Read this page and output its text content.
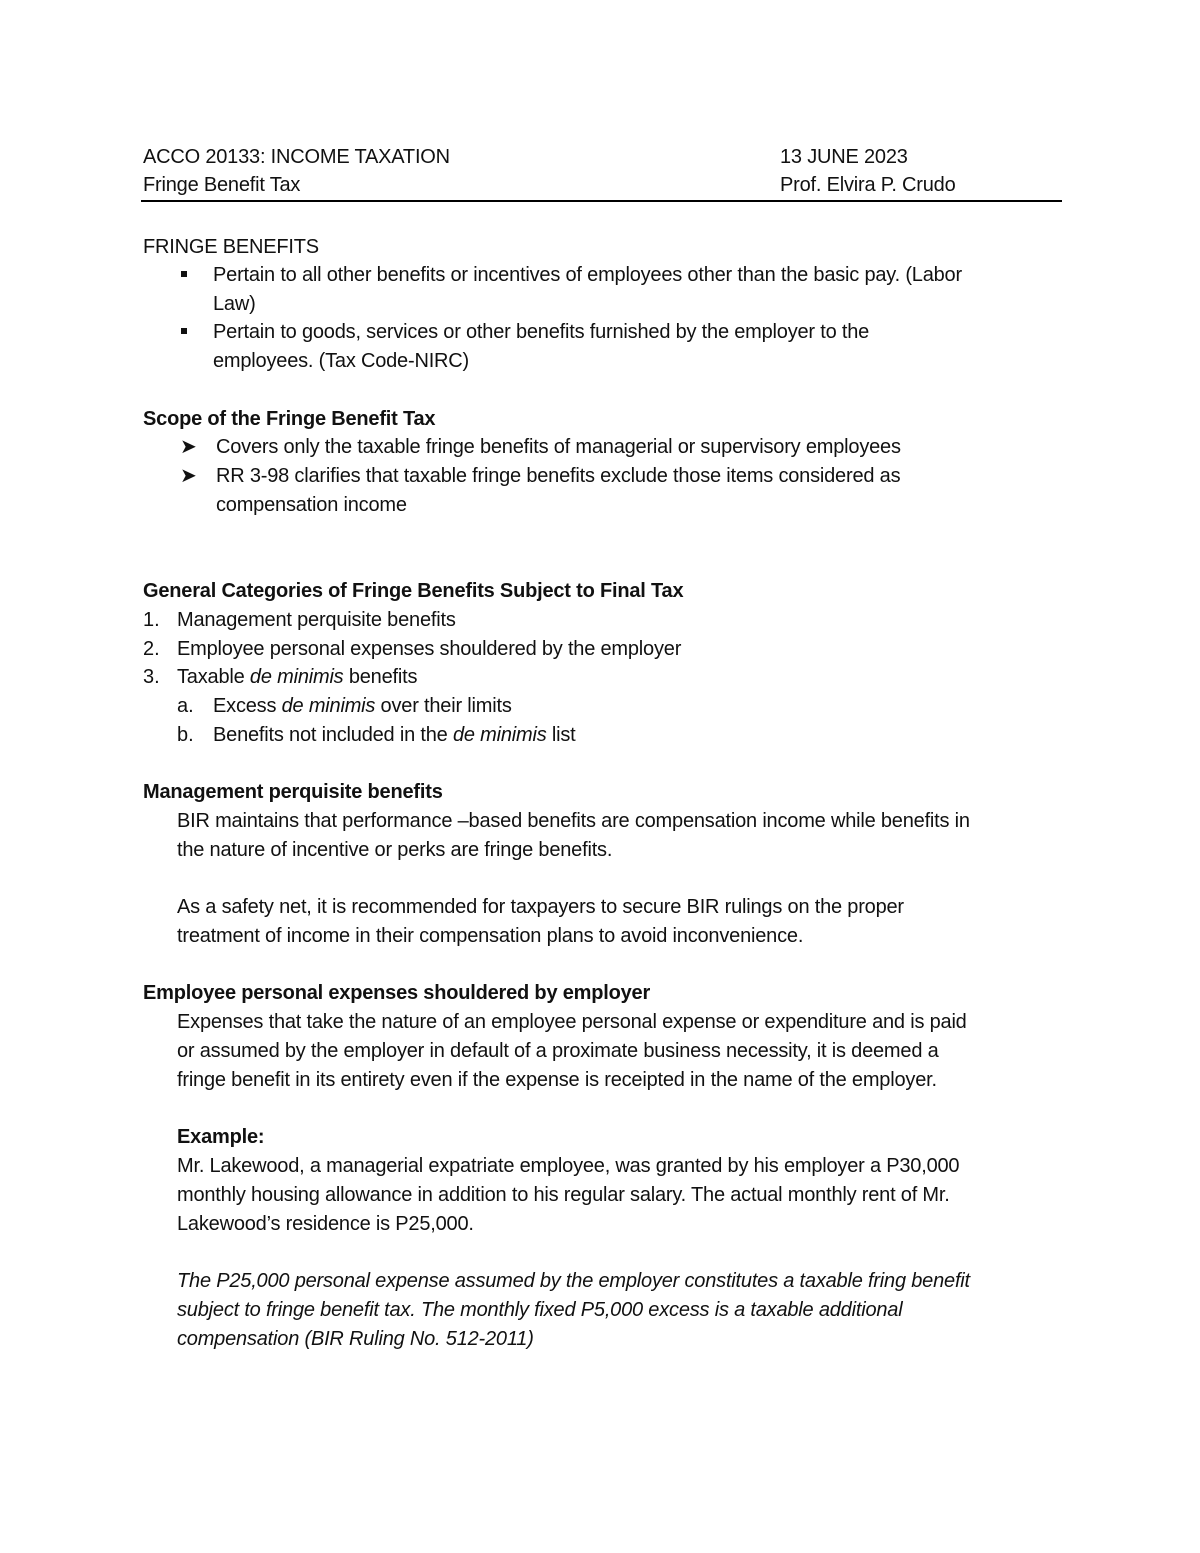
ACCO 20133: INCOME TAXATION	13 JUNE 2023
Fringe Benefit Tax	Prof. Elvira P. Crudo
FRINGE BENEFITS
Pertain to all other benefits or incentives of employees other than the basic pay. (Labor
Law)
Pertain to goods, services or other benefits furnished by the employer to the
employees. (Tax Code-NIRC)
Scope of the Fringe Benefit Tax
➤ Covers only the taxable fringe benefits of managerial or supervisory employees
➤ RR 3-98 clarifies that taxable fringe benefits exclude those items considered as
compensation income
General Categories of Fringe Benefits Subject to Final Tax
1. Management perquisite benefits
2. Employee personal expenses shouldered by the employer
3. Taxable de minimis benefits
a. Excess de minimis over their limits
b. Benefits not included in the de minimis list
Management perquisite benefits
BIR maintains that performance –based benefits are compensation income while benefits in
the nature of incentive or perks are fringe benefits.
As a safety net, it is recommended for taxpayers to secure BIR rulings on the proper
treatment of income in their compensation plans to avoid inconvenience.
Employee personal expenses shouldered by employer
Expenses that take the nature of an employee personal expense or expenditure and is paid
or assumed by the employer in default of a proximate business necessity, it is deemed a
fringe benefit in its entirety even if the expense is receipted in the name of the employer.
Example:
Mr. Lakewood, a managerial expatriate employee, was granted by his employer a P30,000
monthly housing allowance in addition to his regular salary. The actual monthly rent of Mr.
Lakewood’s residence is P25,000.
The P25,000 personal expense assumed by the employer constitutes a taxable fring benefit
subject to fringe benefit tax. The monthly fixed P5,000 excess is a taxable additional
compensation (BIR Ruling No. 512-2011)
